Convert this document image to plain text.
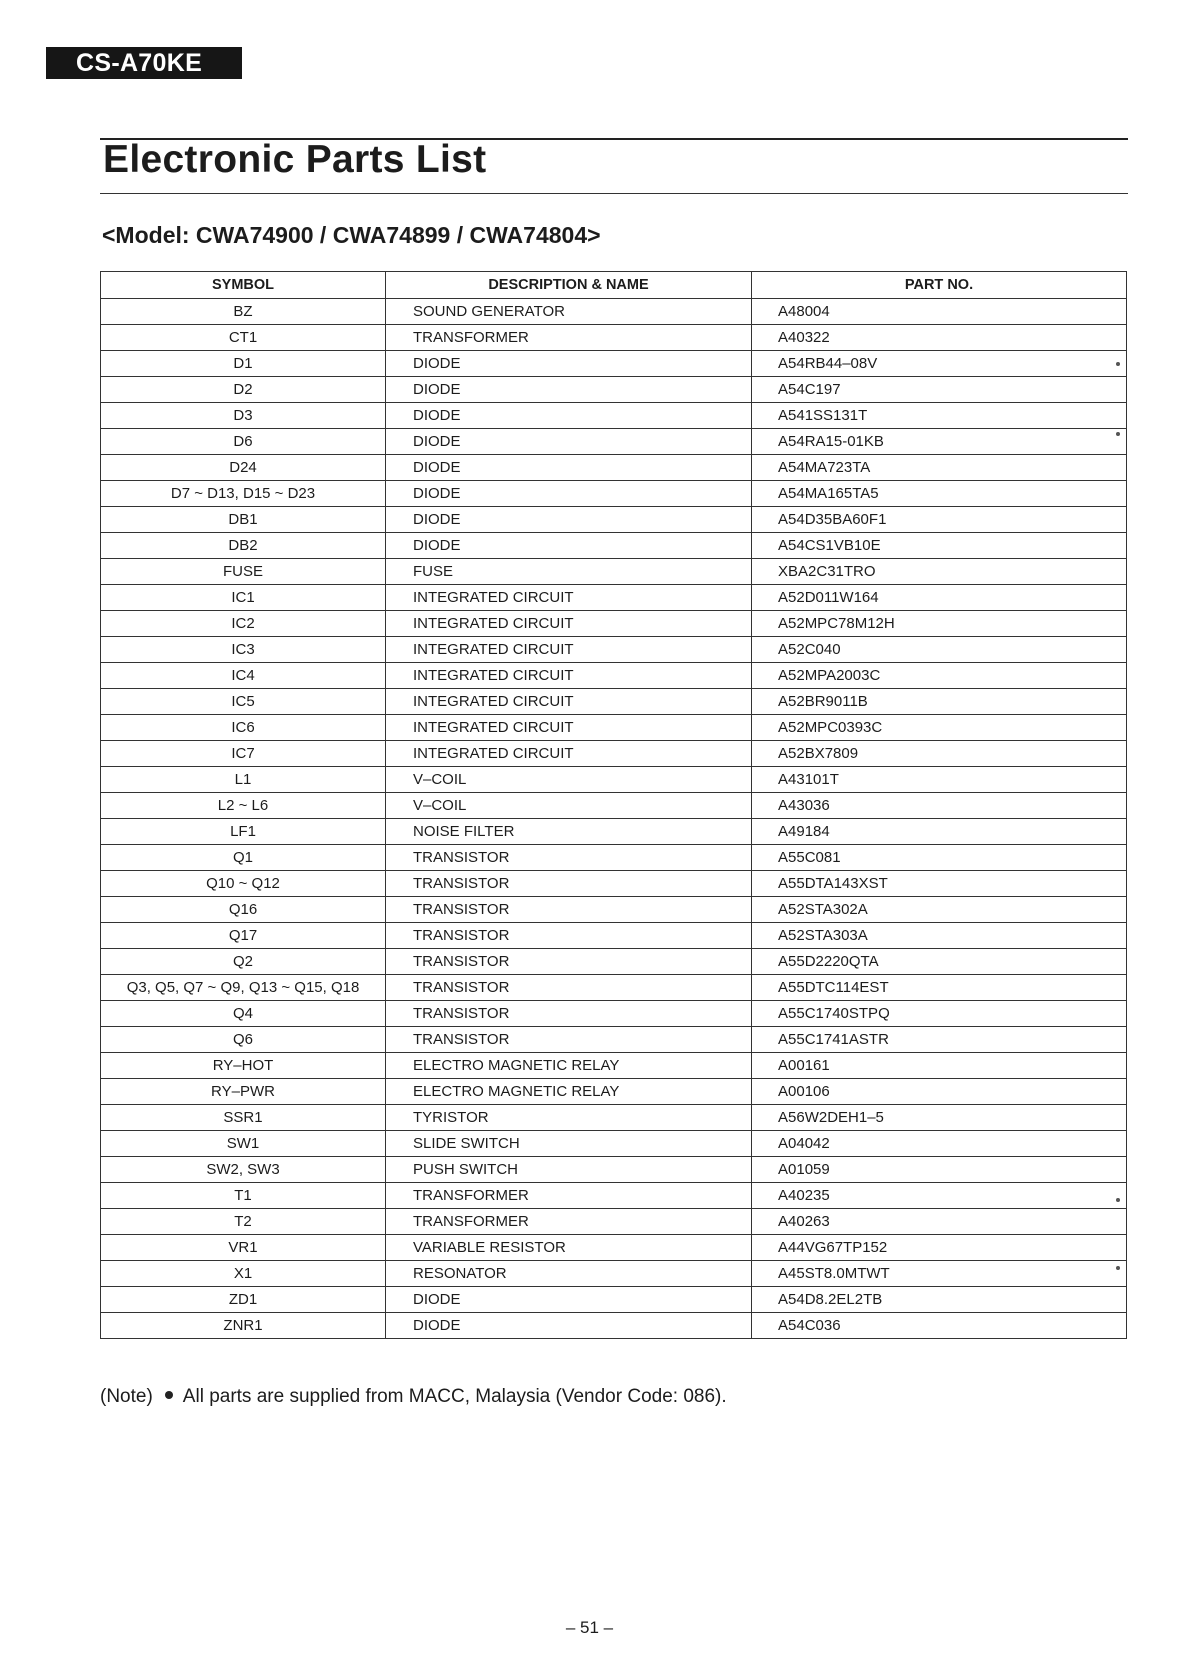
CS-A70KE
Electronic Parts List
<Model: CWA74900 / CWA74899 / CWA74804>
SYMBOL	DESCRIPTION & NAME	PART NO.
BZ	SOUND GENERATOR	A48004
CT1	TRANSFORMER	A40322
D1	DIODE	A54RB44–08V
D2	DIODE	A54C197
D3	DIODE	A541SS131T
D6	DIODE	A54RA15-01KB
D24	DIODE	A54MA723TA
D7 ~ D13, D15 ~ D23	DIODE	A54MA165TA5
DB1	DIODE	A54D35BA60F1
DB2	DIODE	A54CS1VB10E
FUSE	FUSE	XBA2C31TRO
IC1	INTEGRATED CIRCUIT	A52D011W164
IC2	INTEGRATED CIRCUIT	A52MPC78M12H
IC3	INTEGRATED CIRCUIT	A52C040
IC4	INTEGRATED CIRCUIT	A52MPA2003C
IC5	INTEGRATED CIRCUIT	A52BR9011B
IC6	INTEGRATED CIRCUIT	A52MPC0393C
IC7	INTEGRATED CIRCUIT	A52BX7809
L1	V–COIL	A43101T
L2 ~ L6	V–COIL	A43036
LF1	NOISE FILTER	A49184
Q1	TRANSISTOR	A55C081
Q10 ~ Q12	TRANSISTOR	A55DTA143XST
Q16	TRANSISTOR	A52STA302A
Q17	TRANSISTOR	A52STA303A
Q2	TRANSISTOR	A55D2220QTA
Q3, Q5, Q7 ~ Q9, Q13 ~ Q15, Q18	TRANSISTOR	A55DTC114EST
Q4	TRANSISTOR	A55C1740STPQ
Q6	TRANSISTOR	A55C1741ASTR
RY–HOT	ELECTRO MAGNETIC RELAY	A00161
RY–PWR	ELECTRO MAGNETIC RELAY	A00106
SSR1	TYRISTOR	A56W2DEH1–5
SW1	SLIDE SWITCH	A04042
SW2, SW3	PUSH SWITCH	A01059
T1	TRANSFORMER	A40235
T2	TRANSFORMER	A40263
VR1	VARIABLE RESISTOR	A44VG67TP152
X1	RESONATOR	A45ST8.0MTWT
ZD1	DIODE	A54D8.2EL2TB
ZNR1	DIODE	A54C036
(Note) All parts are supplied from MACC, Malaysia (Vendor Code: 086).
– 51 –
